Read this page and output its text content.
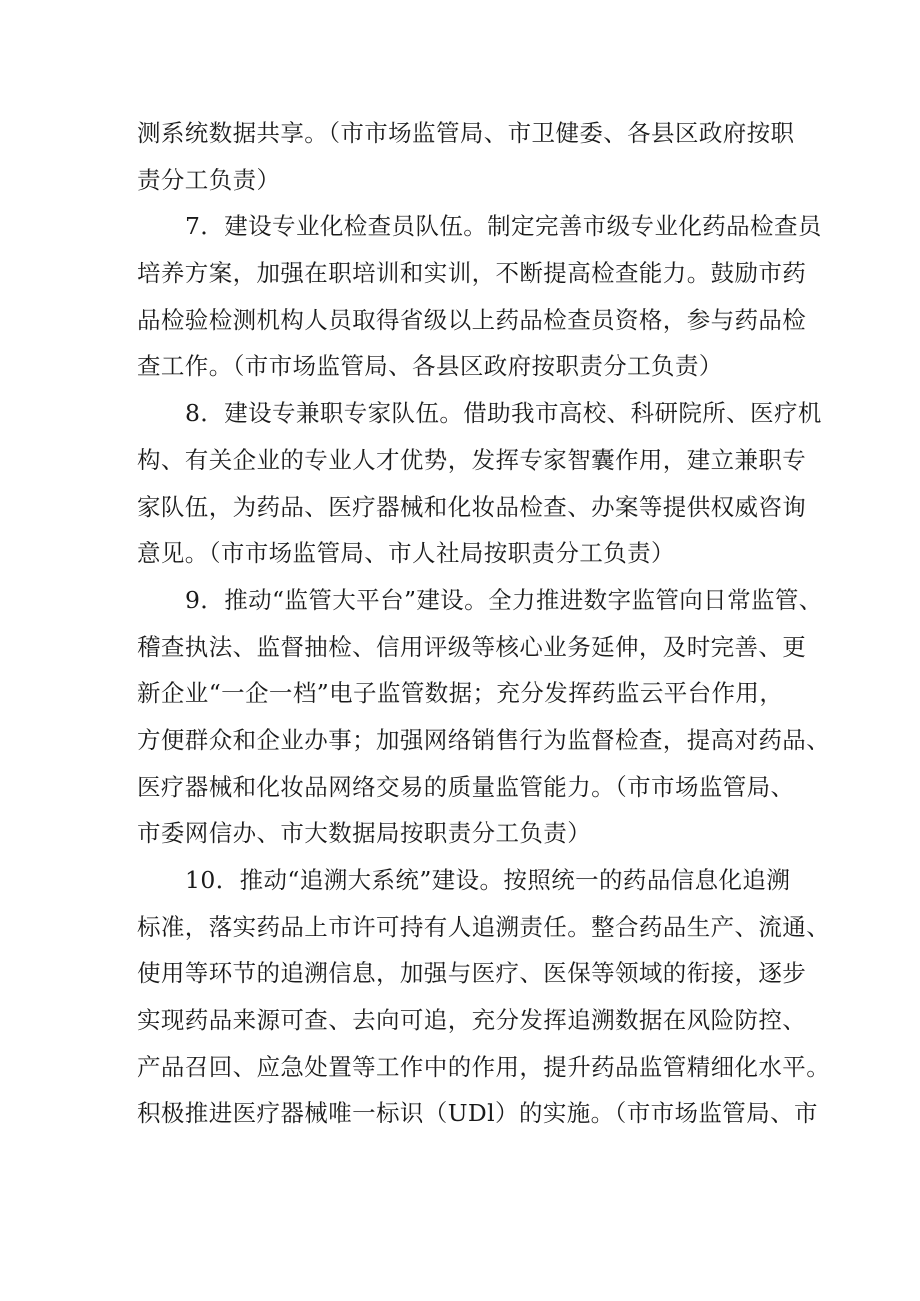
测系统数据共享。（市市场监管局、市卫健委、各县区政府按职
责分工负责）
7．建设专业化检查员队伍。制定完善市级专业化药品检查员
培养方案，加强在职培训和实训，不断提高检查能力。鼓励市药
品检验检测机构人员取得省级以上药品检查员资格，参与药品检
查工作。（市市场监管局、各县区政府按职责分工负责）
8．建设专兼职专家队伍。借助我市高校、科研院所、医疗机
构、有关企业的专业人才优势，发挥专家智囊作用，建立兼职专
家队伍，为药品、医疗器械和化妆品检查、办案等提供权威咨询
意见。（市市场监管局、市人社局按职责分工负责）
9．推动“监管大平台”建设。全力推进数字监管向日常监管、
稽查执法、监督抽检、信用评级等核心业务延伸，及时完善、更
新企业“一企一档”电子监管数据；充分发挥药监云平台作用，
方便群众和企业办事；加强网络销售行为监督检查，提高对药品、
医疗器械和化妆品网络交易的质量监管能力。（市市场监管局、
市委网信办、市大数据局按职责分工负责）
10．推动“追溯大系统”建设。按照统一的药品信息化追溯
标准，落实药品上市许可持有人追溯责任。整合药品生产、流通、
使用等环节的追溯信息，加强与医疗、医保等领域的衔接，逐步
实现药品来源可查、去向可追，充分发挥追溯数据在风险防控、
产品召回、应急处置等工作中的作用，提升药品监管精细化水平。
积极推进医疗器械唯一标识（UDl）的实施。（市市场监管局、市
